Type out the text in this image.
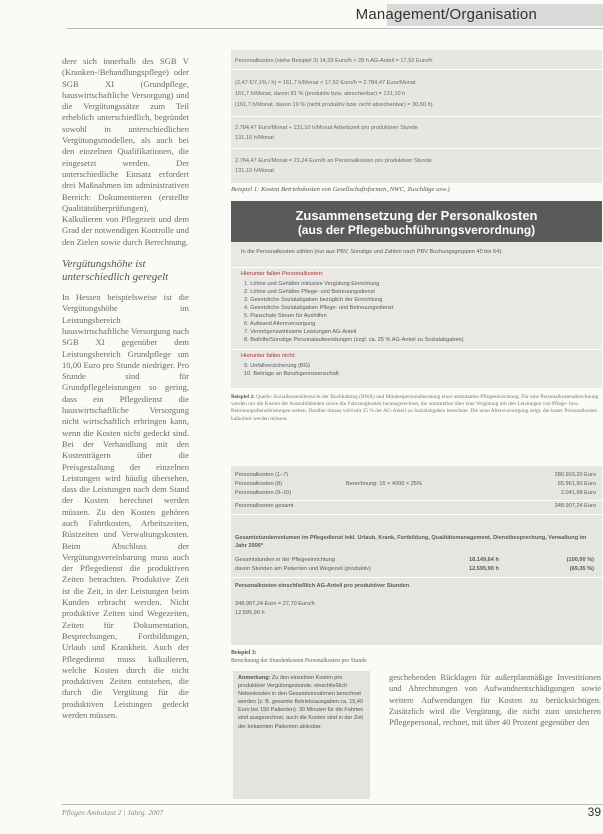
Management/Organisation

dere sich innerhalb des SGB V (Kranken-/Behandlungspflege) oder SGB XI (Grundpflege, hauswirtschaftliche Versorgung) und die Vergütungssätze zum Teil erheblich unterschiedlich, begründet sowohl in unterschiedlichen Vergütungsmodellen, als auch bei den einzelnen Qualifikationen, die eingesetzt werden. Der unterschiedliche Einsatz erfordert drei Maßnahmen im administrativen Bereich: Dokumentieren (erstellte Qualitätsüberprüfungen), Kalkulieren von Pflegezeit und dem Grad der notwendigen Kontrolle und den Zielen sowie durch Berechnung.

Vergütungshöhe ist unterschiedlich geregelt

In Hessen beispielsweise ist die Vergütungshöhe im Leistungsbereich hauswirtschaftliche Versorgung nach SGB XI gegenüber dem Leistungsbereich Grundpflege um 10,00 Euro pro Stunde niedriger. Pro Stunde sind für Grundpflegeleistungen so gering, dass ein Pflegedienst die hauswirtschaftliche Versorgung nicht wirtschaftlich erbringen kann, wenn die Kosten nicht gedeckt sind. Bei der Verhandlung mit den Kostenträgern über die Preisgestaltung der einzelnen Leistungen wird häufig übersehen, dass die Leistungen nach dem Stand der Kosten berechnet werden müssen. Zu den Kosten gehören auch Fahrtkosten, Arbeitszeiten, Rüstzeiten und Verwaltungskosten. Beim Abschluss der Vergütungsvereinbarung muss auch der Pflegedienst die produktiven Zeiten betrachten. Produktive Zeit ist die Zeit, in der Leistungen beim Kunden erbracht werden. Nicht produktive Zeiten sind Wegezeiten, Zeiten für Dokumentation, Besprechungen, Fortbildungen, Urlaub und Krankheit. Auch der Pflegedienst muss kalkulieren, welche Kosten durch die nicht produktiven Zeiten entstehen, die durch die Vergütung für die produktiven Leistungen gedeckt werden müssen.

Personalkosten (siehe Beispiel 3) 14,39 Euro/h × 28 h AG-Anteil = 17,52 Euro/h
(2,47 €/7,1% / h) = 161,7 h/Monat × 17,52 Euro/h = 2.784,47 Euro/Monat
161,7 h/Monat, davon 81 % (produktiv bzw. abrechenbar) = 131,10 h
(161,7 h/Monat, davon 19 % (nicht produktiv bzw. nicht abrechenbar) = 30,60 h)
2.784,47 Euro/Monat ÷ 131,10 h/Monat Arbeitszeit pro produktiver Stunde
131,10 h/Monat
2.784,47 Euro/Monat = 21,24 Euro/h an Personalkosten pro produktiver Stunde
131,10 h/Monat
Beispiel 1: Kosten Betriebskosten von Gesellschaftsformen, NWC, Zuschläge usw.)
Zusammensetzung der Personalkosten
(aus der Pflegebuchführungsverordnung)
In die Personalkosten zählen (nur aus PBV, Sonstige und Zahlen nach PBV Buchungsgruppen 40 bis 64):
Hierunter fallen Personalkosten:
1. Löhne und Gehälter inklusive Vergütung Einrichtung
2. Löhne und Gehälter Pflege- und Betreuungsdienst
3. Gesetzliche Sozialabgaben bezüglich der Einrichtung
4. Gesetzliche Sozialabgaben Pflege- und Betreuungsdienst
5. Pauschale Steuer für Aushilfen
6. Aufwand Altersversorgung
7. Vermögenswirksame Leistungen AG-Anteil
8. Beihilfe/Sonstige Personalaufwendungen (zzgl. ca. 25 % AG-Anteil zu Sozialabgaben)
Hierunter fallen nicht:
9. Unfallversicherung (BG)
10. Beiträge an Berufsgenossenschaft
Beispiel 2: Quelle: Sozialkostenübersicht der Buchhaltung (BWA) und Mindestpersonalberatung einer ambulanten Pflegeeinrichtung. Für eine Personalkostenabrechnung werden nur die Kosten der Auszubildenden sowie die Fahrzeugkosten herausgerechnet, die unmittelbar über eine Vergütung mit den Leistungen von Pflege- bzw. Betreuungsdienstleistungen stehen. Darüber hinaus wird mit 25 % der AG-Anteil zu Sozialabgaben berechnet. Die neue Altersvorsorgung zeigt, die lauter Personalkosten kalkuliert werden müssen.
Personalkosten (1–7)	280.903,20 Euro
Personalkosten (8)	Berechnung: 16 × 4000 × 25%	65.961,90 Euro
Personalkosten (9–10)	2.041,98 Euro
Personalkosten gesamt	348.907,24 Euro
Gesamtstundenvolumen im Pflegedienst inkl. Urlaub, Krank, Fortbildung, Qualitätsmanagement, Dienstbesprechung, Verwaltung im Jahr 2006*
Gesamtstunden in der Pflegeeinrichtung	18.149,64 h	(100,00 %)
davon Stunden am Patienten und Wegezeit (produktiv)	12.595,90 h	(69,35 %)
Personalkosten einschließlich AG-Anteil pro produktiver Stunden
348.907,24 Euro = 27,70 Euro/h
12.595,90 h
Beispiel 3:
Berechnung der Stundenkosten Personalkosten pro Stunde
Anmerkung: Zu den einzelnen Kosten pro produktiver Vergütungsstunde, einschließlich Nebenkosten in den Gesamteinnahmen berechnet werden (z. B. gesamte Betriebsausgaben ca. 15,40 Euro bei 150 Patienten). 30 Minuten für die Fahrten sind ausgerechnet, auch die Kosten sind in der Zeit der bekannten Patienten ablesbar.
geschehenden Rücklagen für außerplanmäßige Investitionen und Abrechnungen von Aufwandsentschädigungen sowie weitere Aufwendungen für Kosten zu berücksichtigen. Zusätzlich wird die Vergütung, die nicht zum unsicheren Pflegepersonal, rechnet, mit über 40 Prozent gegenüber den
Pflegen Ambulant 2 | Jahrg. 2007	39
